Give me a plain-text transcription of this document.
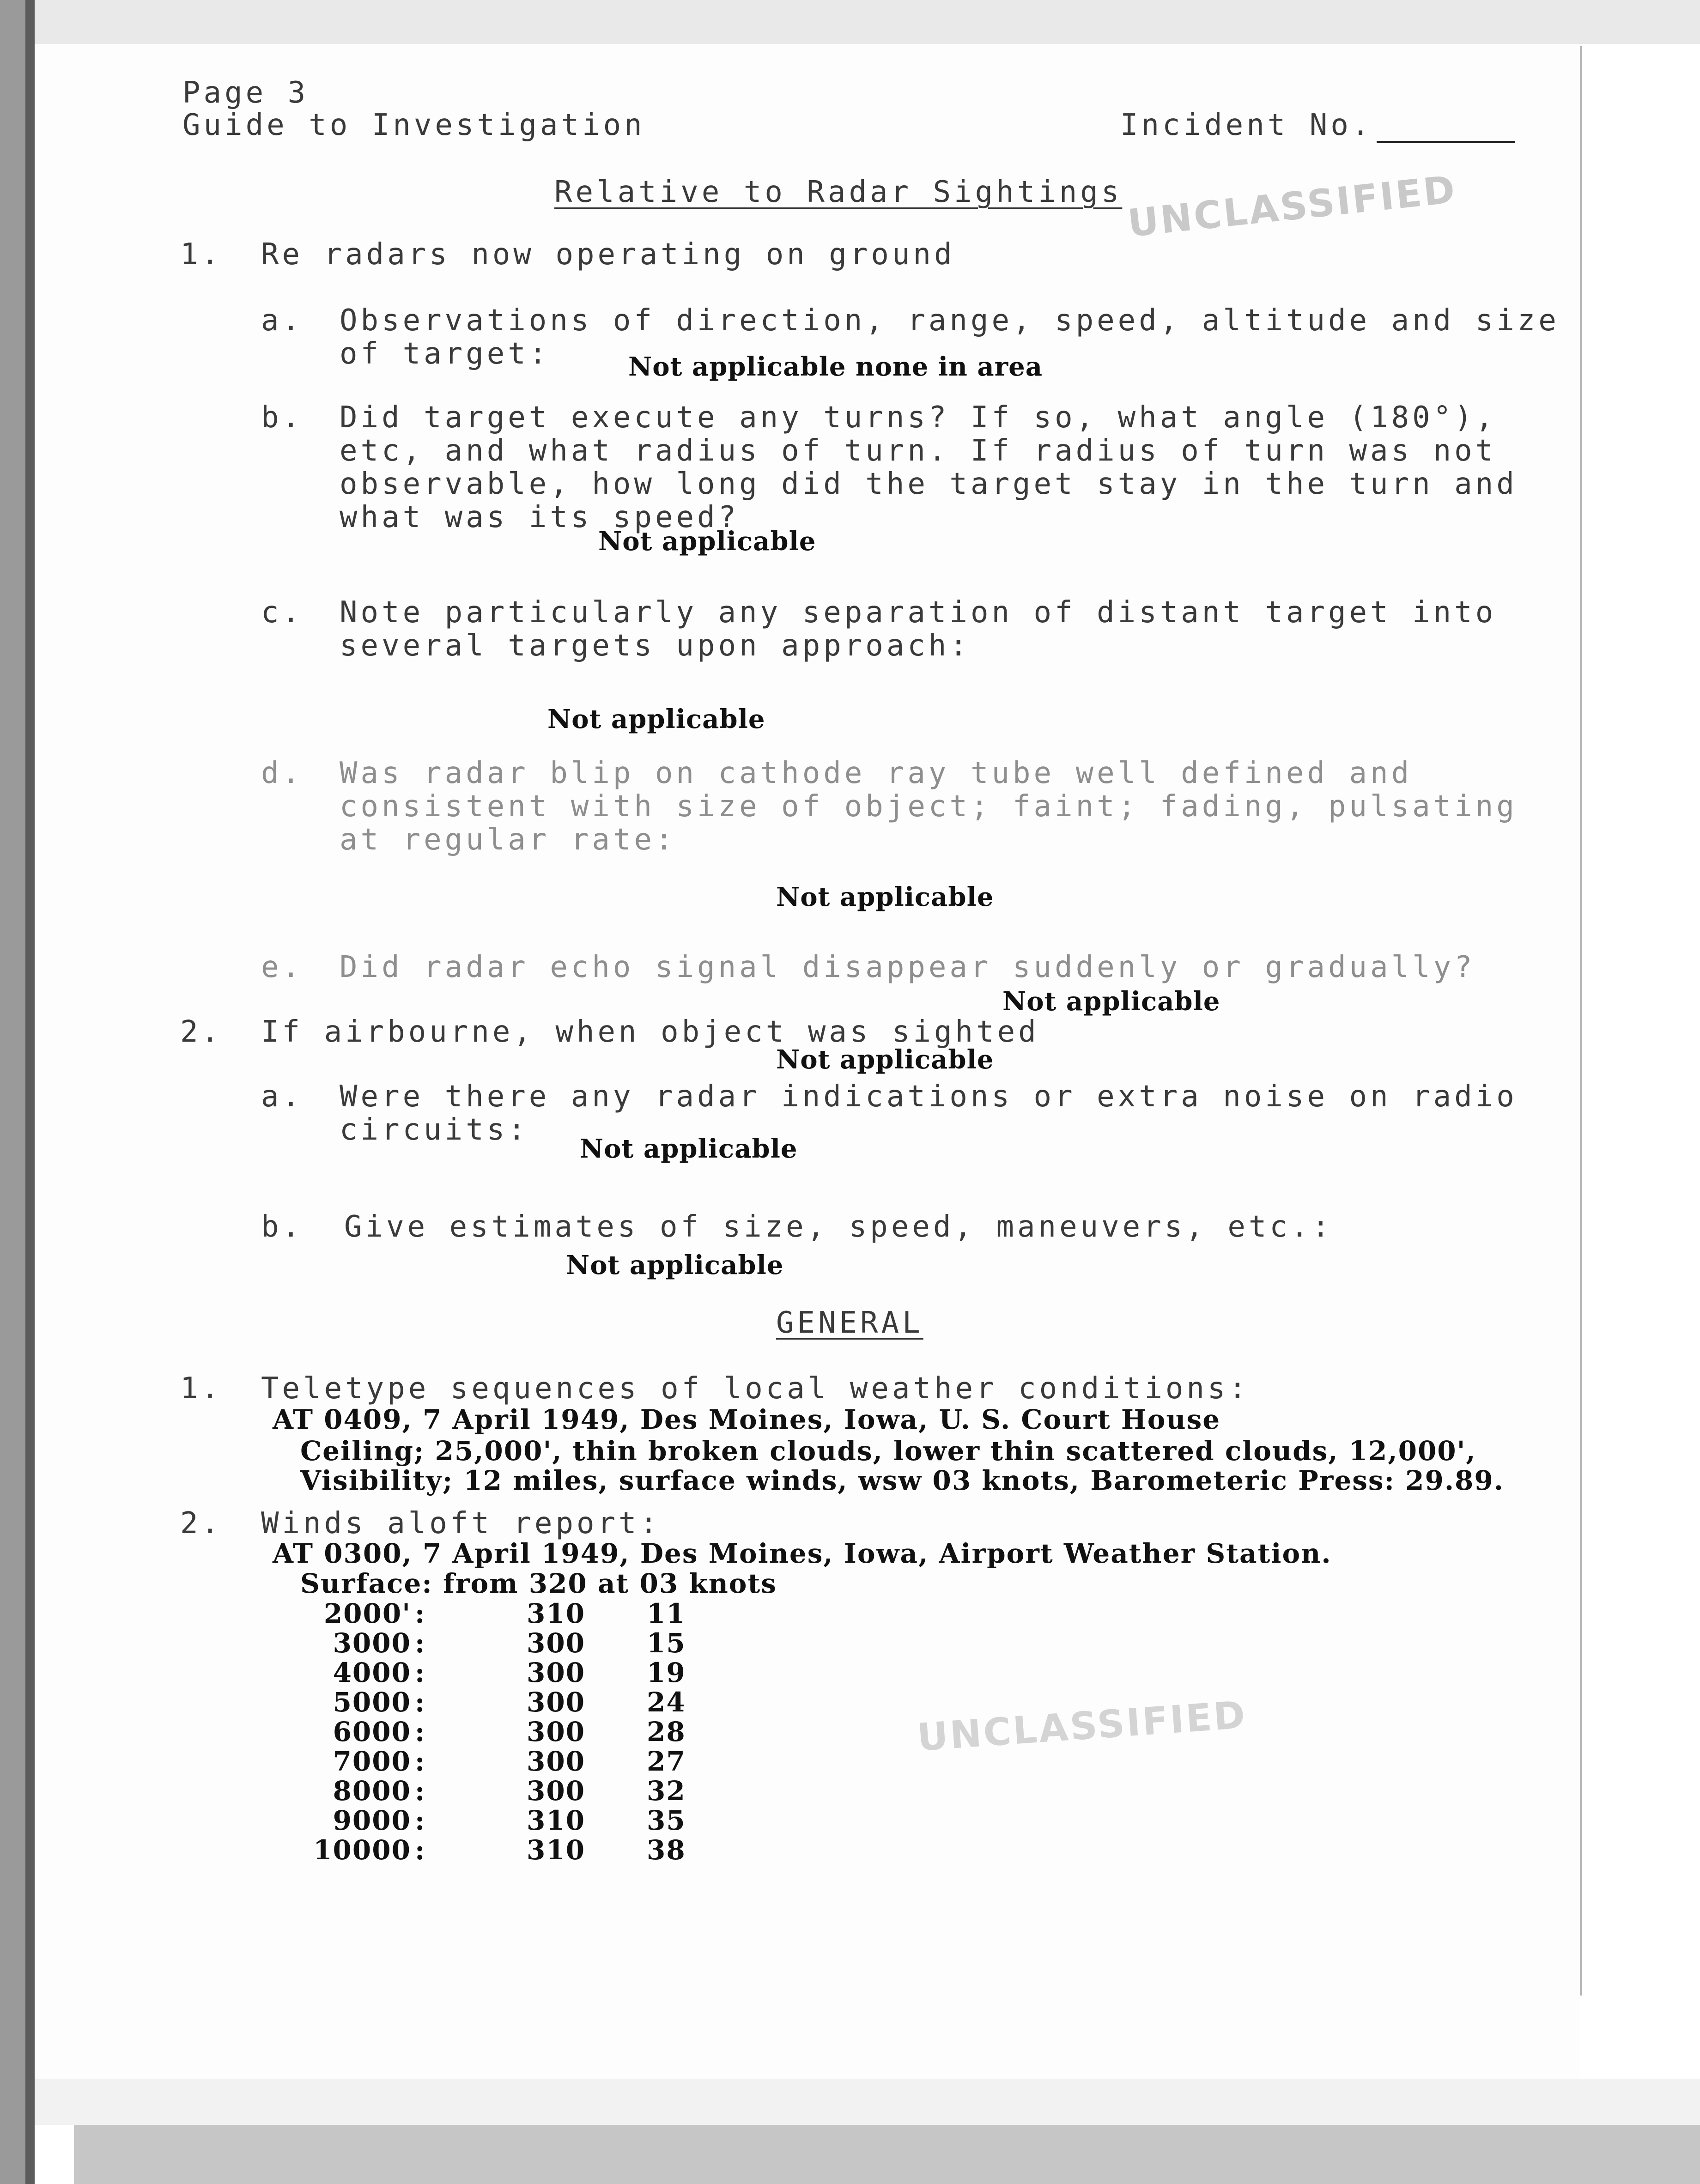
Page 3
Guide to Investigation	Incident No.
Relative to Radar Sightings UNCLASSIFIED
1. Re radars now operating on ground
a. Observations of direction, range, speed, altitude and size of target:	Not applicable none in area
b. Did target execute any turns? If so, what angle (180°), etc, and what radius of turn. If radius of turn was not observable, how long did the target stay in the turn and what was its speed?
Not applicable
c. Note particularly any separation of distant target into several targets upon approach:
Not applicable
d. Was radar blip on cathode ray tube well defined and consistent with size of object; faint; fading, pulsating at regular rate:
Not applicable
e. Did radar echo signal disappear suddenly or gradually?
Not applicable
2. If airbourne, when object was sighted
Not applicable
a. Were there any radar indications or extra noise on radio circuits:
Not applicable
b. Give estimates of size, speed, maneuvers, etc.:
Not applicable
GENERAL
1. Teletype sequences of local weather conditions:
AT 0409, 7 April 1949, Des Moines, Iowa, U. S. Court House
Ceiling; 25,000', thin broken clouds, lower thin scattered clouds, 12,000',
Visibility; 12 miles, surface winds, wsw 03 knots, Barometeric Press: 29.89.
2. Winds aloft report:
AT 0300, 7 April 1949, Des Moines, Iowa, Airport Weather Station.
Surface: from 320 at 03 knots
2000' :	310 11
3000 :	300 15
4000 :	300 19
5000 :	300 24
6000 :	300 28
7000 :	300 27
8000 :	300 32
9000 :	310 35
10000 :	310 38
UNCLASSIFIED
